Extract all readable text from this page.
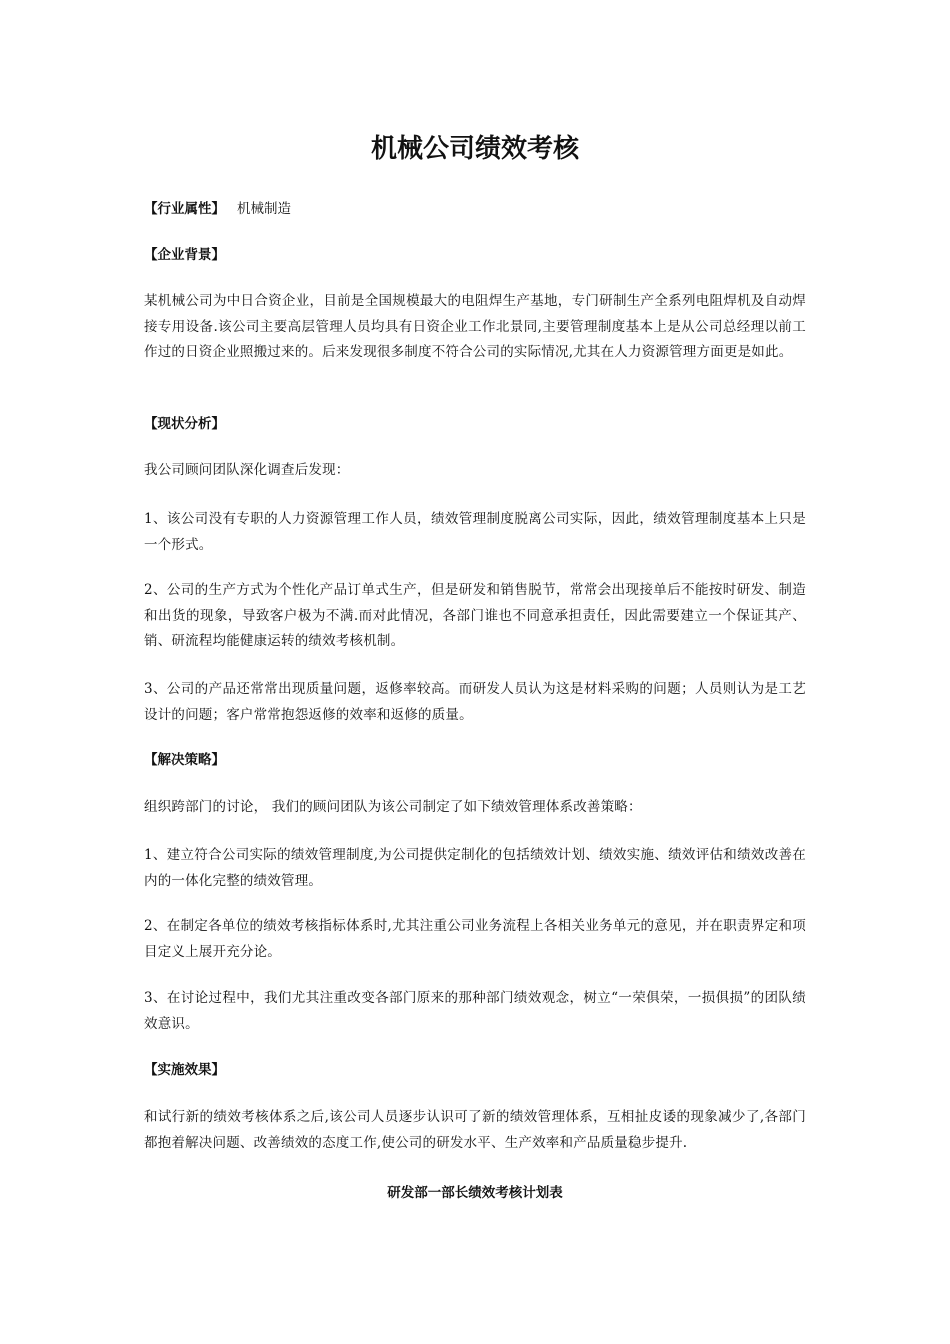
机械公司绩效考核
【行业属性】 机械制造
【企业背景】
某机械公司为中日合资企业，目前是全国规模最大的电阻焊生产基地，专门研制生产全系列电阻焊机及自动焊接专用设备.该公司主要高层管理人员均具有日资企业工作北景同,主要管理制度基本上是从公司总经理以前工作过的日资企业照搬过来的。后来发现很多制度不符合公司的实际情况,尤其在人力资源管理方面更是如此。
【现状分析】
我公司顾问团队深化调查后发现：
1、该公司没有专职的人力资源管理工作人员，绩效管理制度脱离公司实际，因此，绩效管理制度基本上只是一个形式。
2、公司的生产方式为个性化产品订单式生产，但是研发和销售脱节，常常会出现接单后不能按时研发、制造和出货的现象，导致客户极为不满.而对此情况，各部门谁也不同意承担责任，因此需要建立一个保证其产、销、研流程均能健康运转的绩效考核机制。
3、公司的产品还常常出现质量问题，返修率较高。而研发人员认为这是材料采购的问题；人员则认为是工艺设计的问题；客户常常抱怨返修的效率和返修的质量。
【解决策略】
组织跨部门的讨论， 我们的顾问团队为该公司制定了如下绩效管理体系改善策略：
1、建立符合公司实际的绩效管理制度,为公司提供定制化的包括绩效计划、绩效实施、绩效评估和绩效改善在内的一体化完整的绩效管理。
2、在制定各单位的绩效考核指标体系时,尤其注重公司业务流程上各相关业务单元的意见，并在职责界定和项目定义上展开充分论。
3、在讨论过程中，我们尤其注重改变各部门原来的那种部门绩效观念，树立“一荣俱荣，一损俱损”的团队绩效意识。
【实施效果】
和试行新的绩效考核体系之后,该公司人员逐步认识可了新的绩效管理体系，互相扯皮诿的现象减少了,各部门都抱着解决问题、改善绩效的态度工作,使公司的研发水平、生产效率和产品质量稳步提升.
研发部一部长绩效考核计划表
